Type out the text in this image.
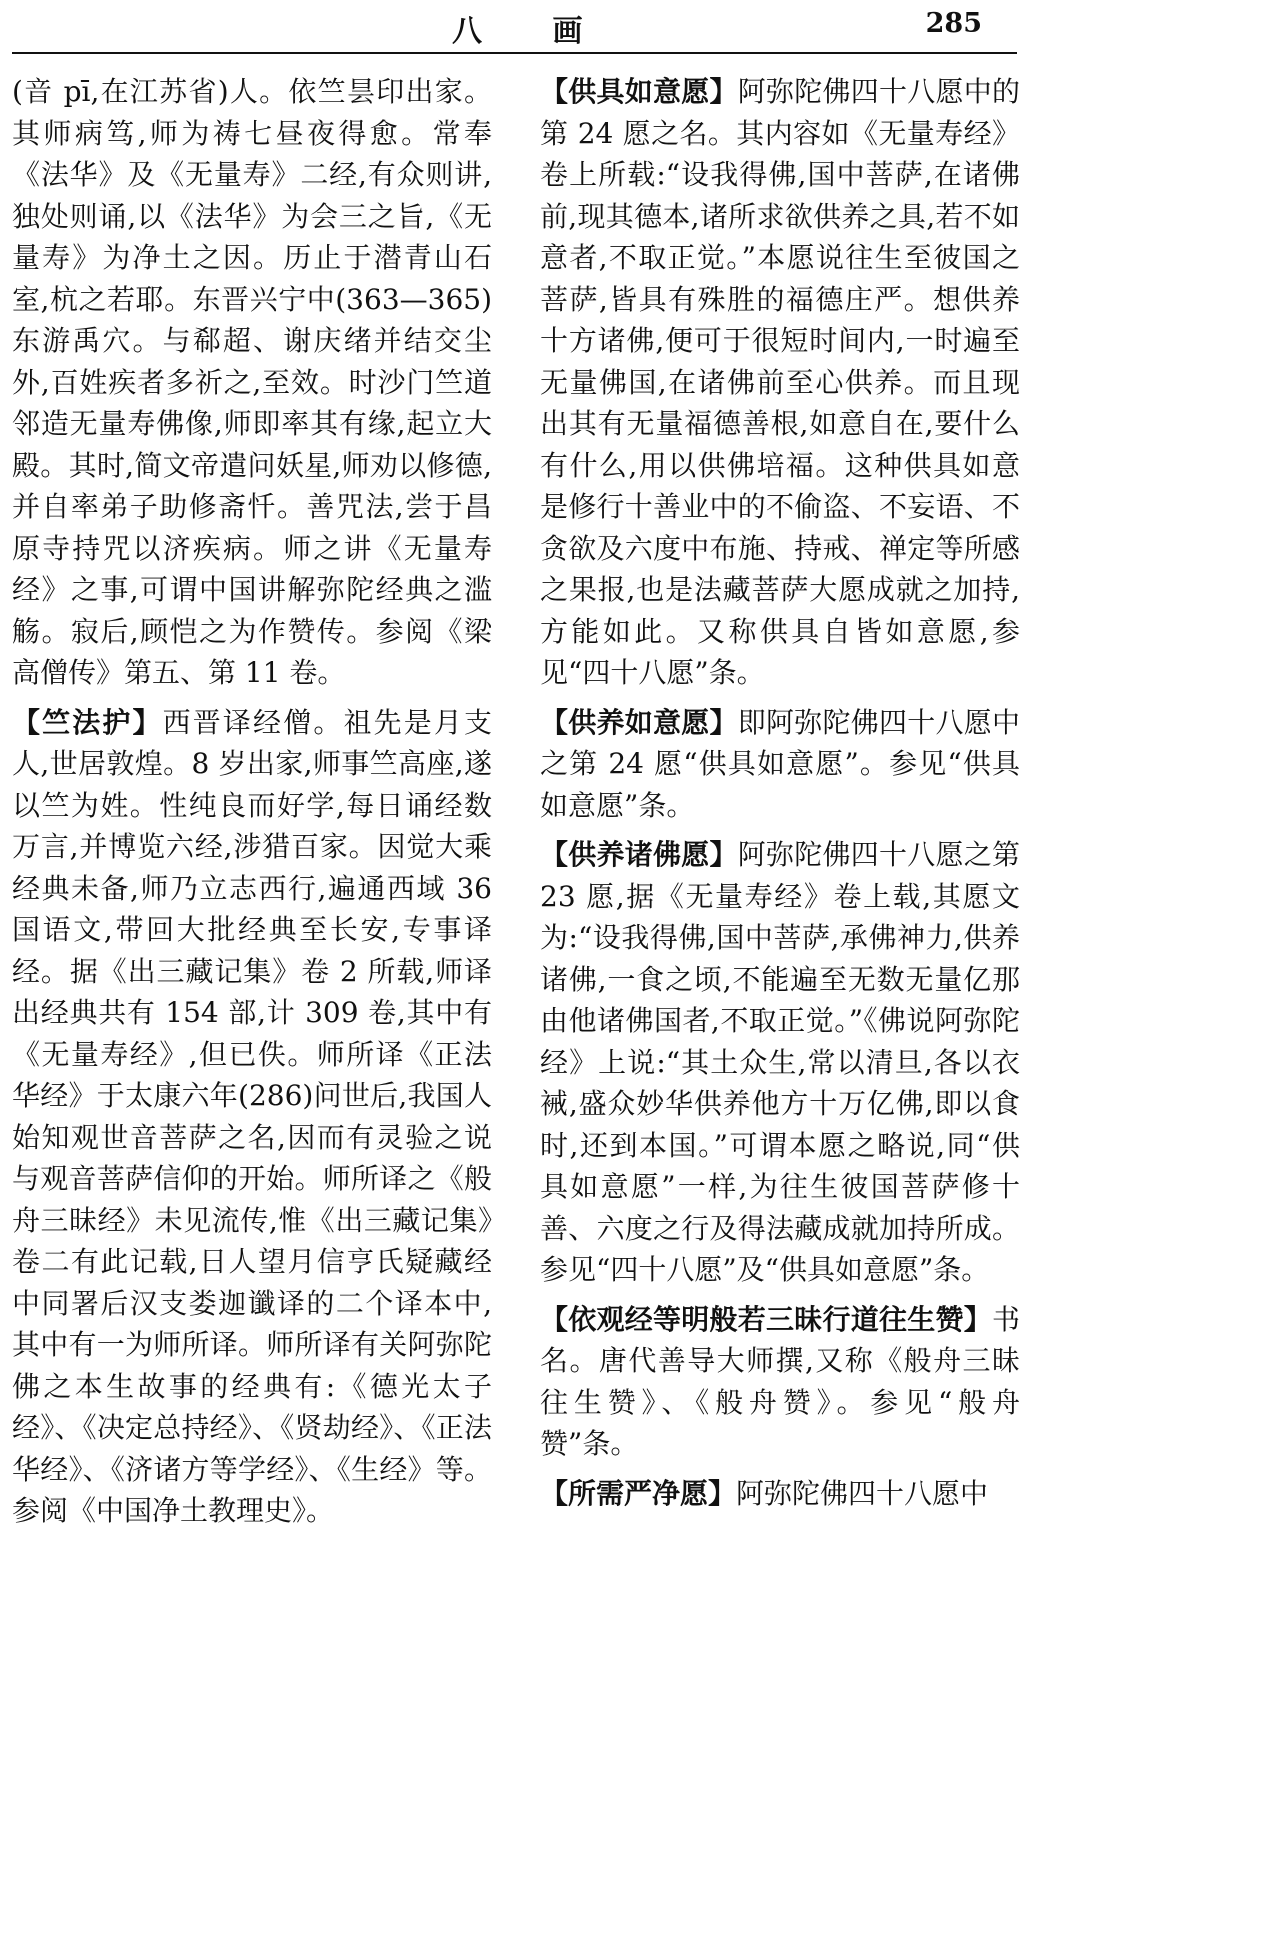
八 画	285

(音 pī,在江苏省)人。依竺昙印出家。其师病笃,师为祷七昼夜得愈。常奉《法华》及《无量寿》二经,有众则讲,独处则诵,以《法华》为会三之旨,《无量寿》为净土之因。历止于潜青山石室,杭之若耶。东晋兴宁中(363—365)东游禹穴。与郗超、谢庆绪并结交尘外,百姓疾者多祈之,至效。时沙门竺道邻造无量寿佛像,师即率其有缘,起立大殿。其时,简文帝遣问妖星,师劝以修德,并自率弟子助修斋忏。善咒法,尝于昌原寺持咒以济疾病。师之讲《无量寿经》之事,可谓中国讲解弥陀经典之滥觞。寂后,顾恺之为作赞传。参阅《梁高僧传》第五、第 11 卷。

【竺法护】西晋译经僧。祖先是月支人,世居敦煌。8 岁出家,师事竺高座,遂以竺为姓。性纯良而好学,每日诵经数万言,并博览六经,涉猎百家。因觉大乘经典未备,师乃立志西行,遍通西域 36 国语文,带回大批经典至长安,专事译经。据《出三藏记集》卷 2 所载,师译出经典共有 154 部,计 309 卷,其中有《无量寿经》,但已佚。师所译《正法华经》于太康六年(286)问世后,我国人始知观世音菩萨之名,因而有灵验之说与观音菩萨信仰的开始。师所译之《般舟三昧经》未见流传,惟《出三藏记集》卷二有此记载,日人望月信亨氏疑藏经中同署后汉支娄迦谶译的二个译本中,其中有一为师所译。师所译有关阿弥陀佛之本生故事的经典有:《德光太子经》、《决定总持经》、《贤劫经》、《正法华经》、《济诸方等学经》、《生经》等。参阅《中国净土教理史》。

【供具如意愿】阿弥陀佛四十八愿中的第 24 愿之名。其内容如《无量寿经》卷上所载:“设我得佛,国中菩萨,在诸佛前,现其德本,诸所求欲供养之具,若不如意者,不取正觉。”本愿说往生至彼国之菩萨,皆具有殊胜的福德庄严。想供养十方诸佛,便可于很短时间内,一时遍至无量佛国,在诸佛前至心供养。而且现出其有无量福德善根,如意自在,要什么有什么,用以供佛培福。这种供具如意是修行十善业中的不偷盗、不妄语、不贪欲及六度中布施、持戒、禅定等所感之果报,也是法藏菩萨大愿成就之加持,方能如此。又称供具自皆如意愿,参见“四十八愿”条。

【供养如意愿】即阿弥陀佛四十八愿中之第 24 愿“供具如意愿”。参见“供具如意愿”条。

【供养诸佛愿】阿弥陀佛四十八愿之第 23 愿,据《无量寿经》卷上载,其愿文为:“设我得佛,国中菩萨,承佛神力,供养诸佛,一食之顷,不能遍至无数无量亿那由他诸佛国者,不取正觉。”《佛说阿弥陀经》上说:“其土众生,常以清旦,各以衣裓,盛众妙华供养他方十万亿佛,即以食时,还到本国。”可谓本愿之略说,同“供具如意愿”一样,为往生彼国菩萨修十善、六度之行及得法藏成就加持所成。参见“四十八愿”及“供具如意愿”条。

【依观经等明般若三昧行道往生赞】书名。唐代善导大师撰,又称《般舟三昧往生赞》、《般舟赞》。参见“般舟赞”条。

【所需严净愿】阿弥陀佛四十八愿中
